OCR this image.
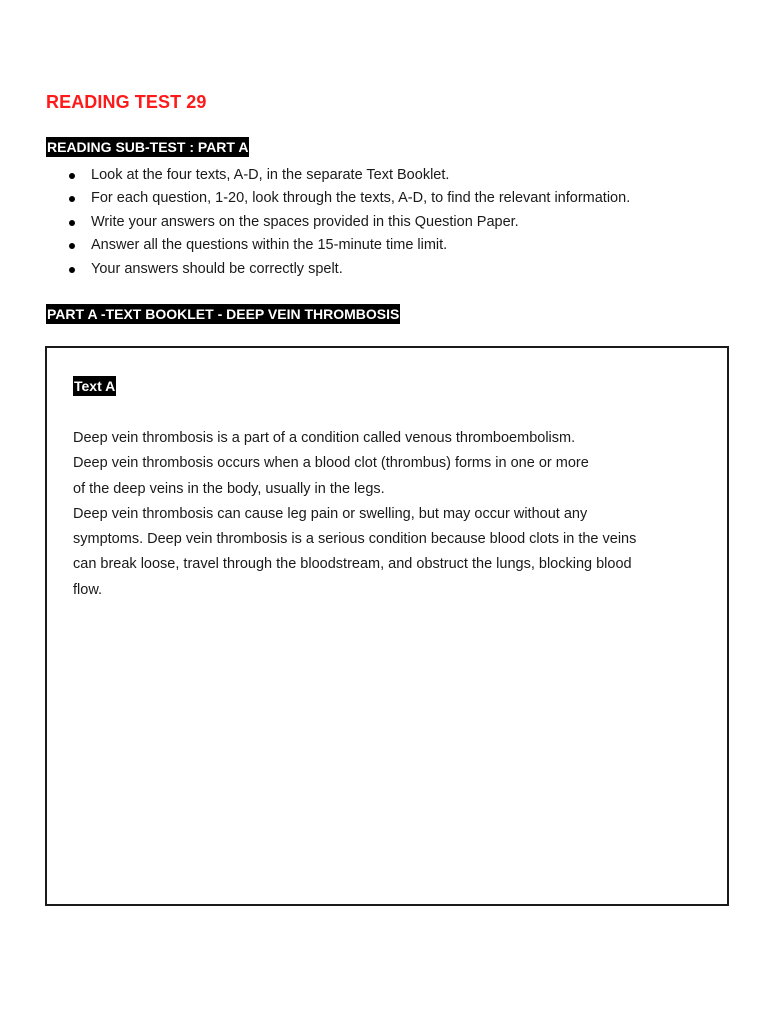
READING TEST 29
READING SUB-TEST : PART A
Look at the four texts, A-D, in the separate Text Booklet.
For each question, 1-20, look through the texts, A-D, to find the relevant information.
Write your answers on the spaces provided in this Question Paper.
Answer all the questions within the 15-minute time limit.
Your answers should be correctly spelt.
PART A -TEXT BOOKLET - DEEP VEIN THROMBOSIS
Text A
Deep vein thrombosis is a part of a condition called venous thromboembolism.
Deep vein thrombosis occurs when a blood clot (thrombus) forms in one or more
of the deep veins in the body, usually in the legs.
Deep vein thrombosis can cause leg pain or swelling, but may occur without any
symptoms. Deep vein thrombosis is a serious condition because blood clots in the veins
can break loose, travel through the bloodstream, and obstruct the lungs, blocking blood
flow.
